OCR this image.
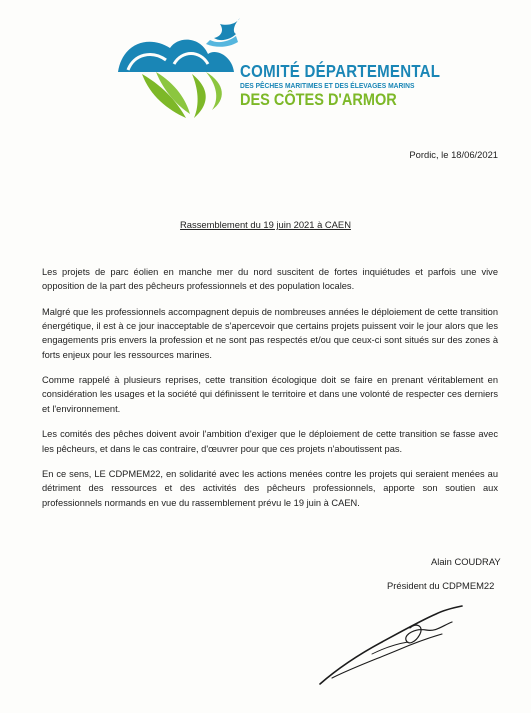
COMITÉ DÉPARTEMENTAL
DES PÊCHES MARITIMES ET DES ÉLEVAGES MARINS
DES CÔTES D'ARMOR
Pordic, le 18/06/2021
Rassemblement du 19 juin 2021 à CAEN

Les projets de parc éolien en manche mer du nord suscitent de fortes inquiétudes et parfois une vive opposition de la part des pêcheurs professionnels et des population locales.

Malgré que les professionnels accompagnent depuis de nombreuses années le déploiement de cette transition énergétique, il est à ce jour inacceptable de s'apercevoir que certains projets puissent voir le jour alors que les engagements pris envers la profession et ne sont pas respectés et/ou que ceux-ci sont situés sur des zones à forts enjeux pour les ressources marines.

Comme rappelé à plusieurs reprises, cette transition écologique doit se faire en prenant véritablement en considération les usages et la société qui définissent le territoire et dans une volonté de respecter ces derniers et l'environnement.

Les comités des pêches doivent avoir l'ambition d'exiger que le déploiement de cette transition se fasse avec les pêcheurs, et dans le cas contraire, d'œuvrer pour que ces projets n'aboutissent pas.

En ce sens, LE CDPMEM22, en solidarité avec les actions menées contre les projets qui seraient menées au détriment des ressources et des activités des pêcheurs professionnels, apporte son soutien aux professionnels normands en vue du rassemblement prévu le 19 juin à CAEN.

Alain COUDRAY
Président du CDPMEM22
